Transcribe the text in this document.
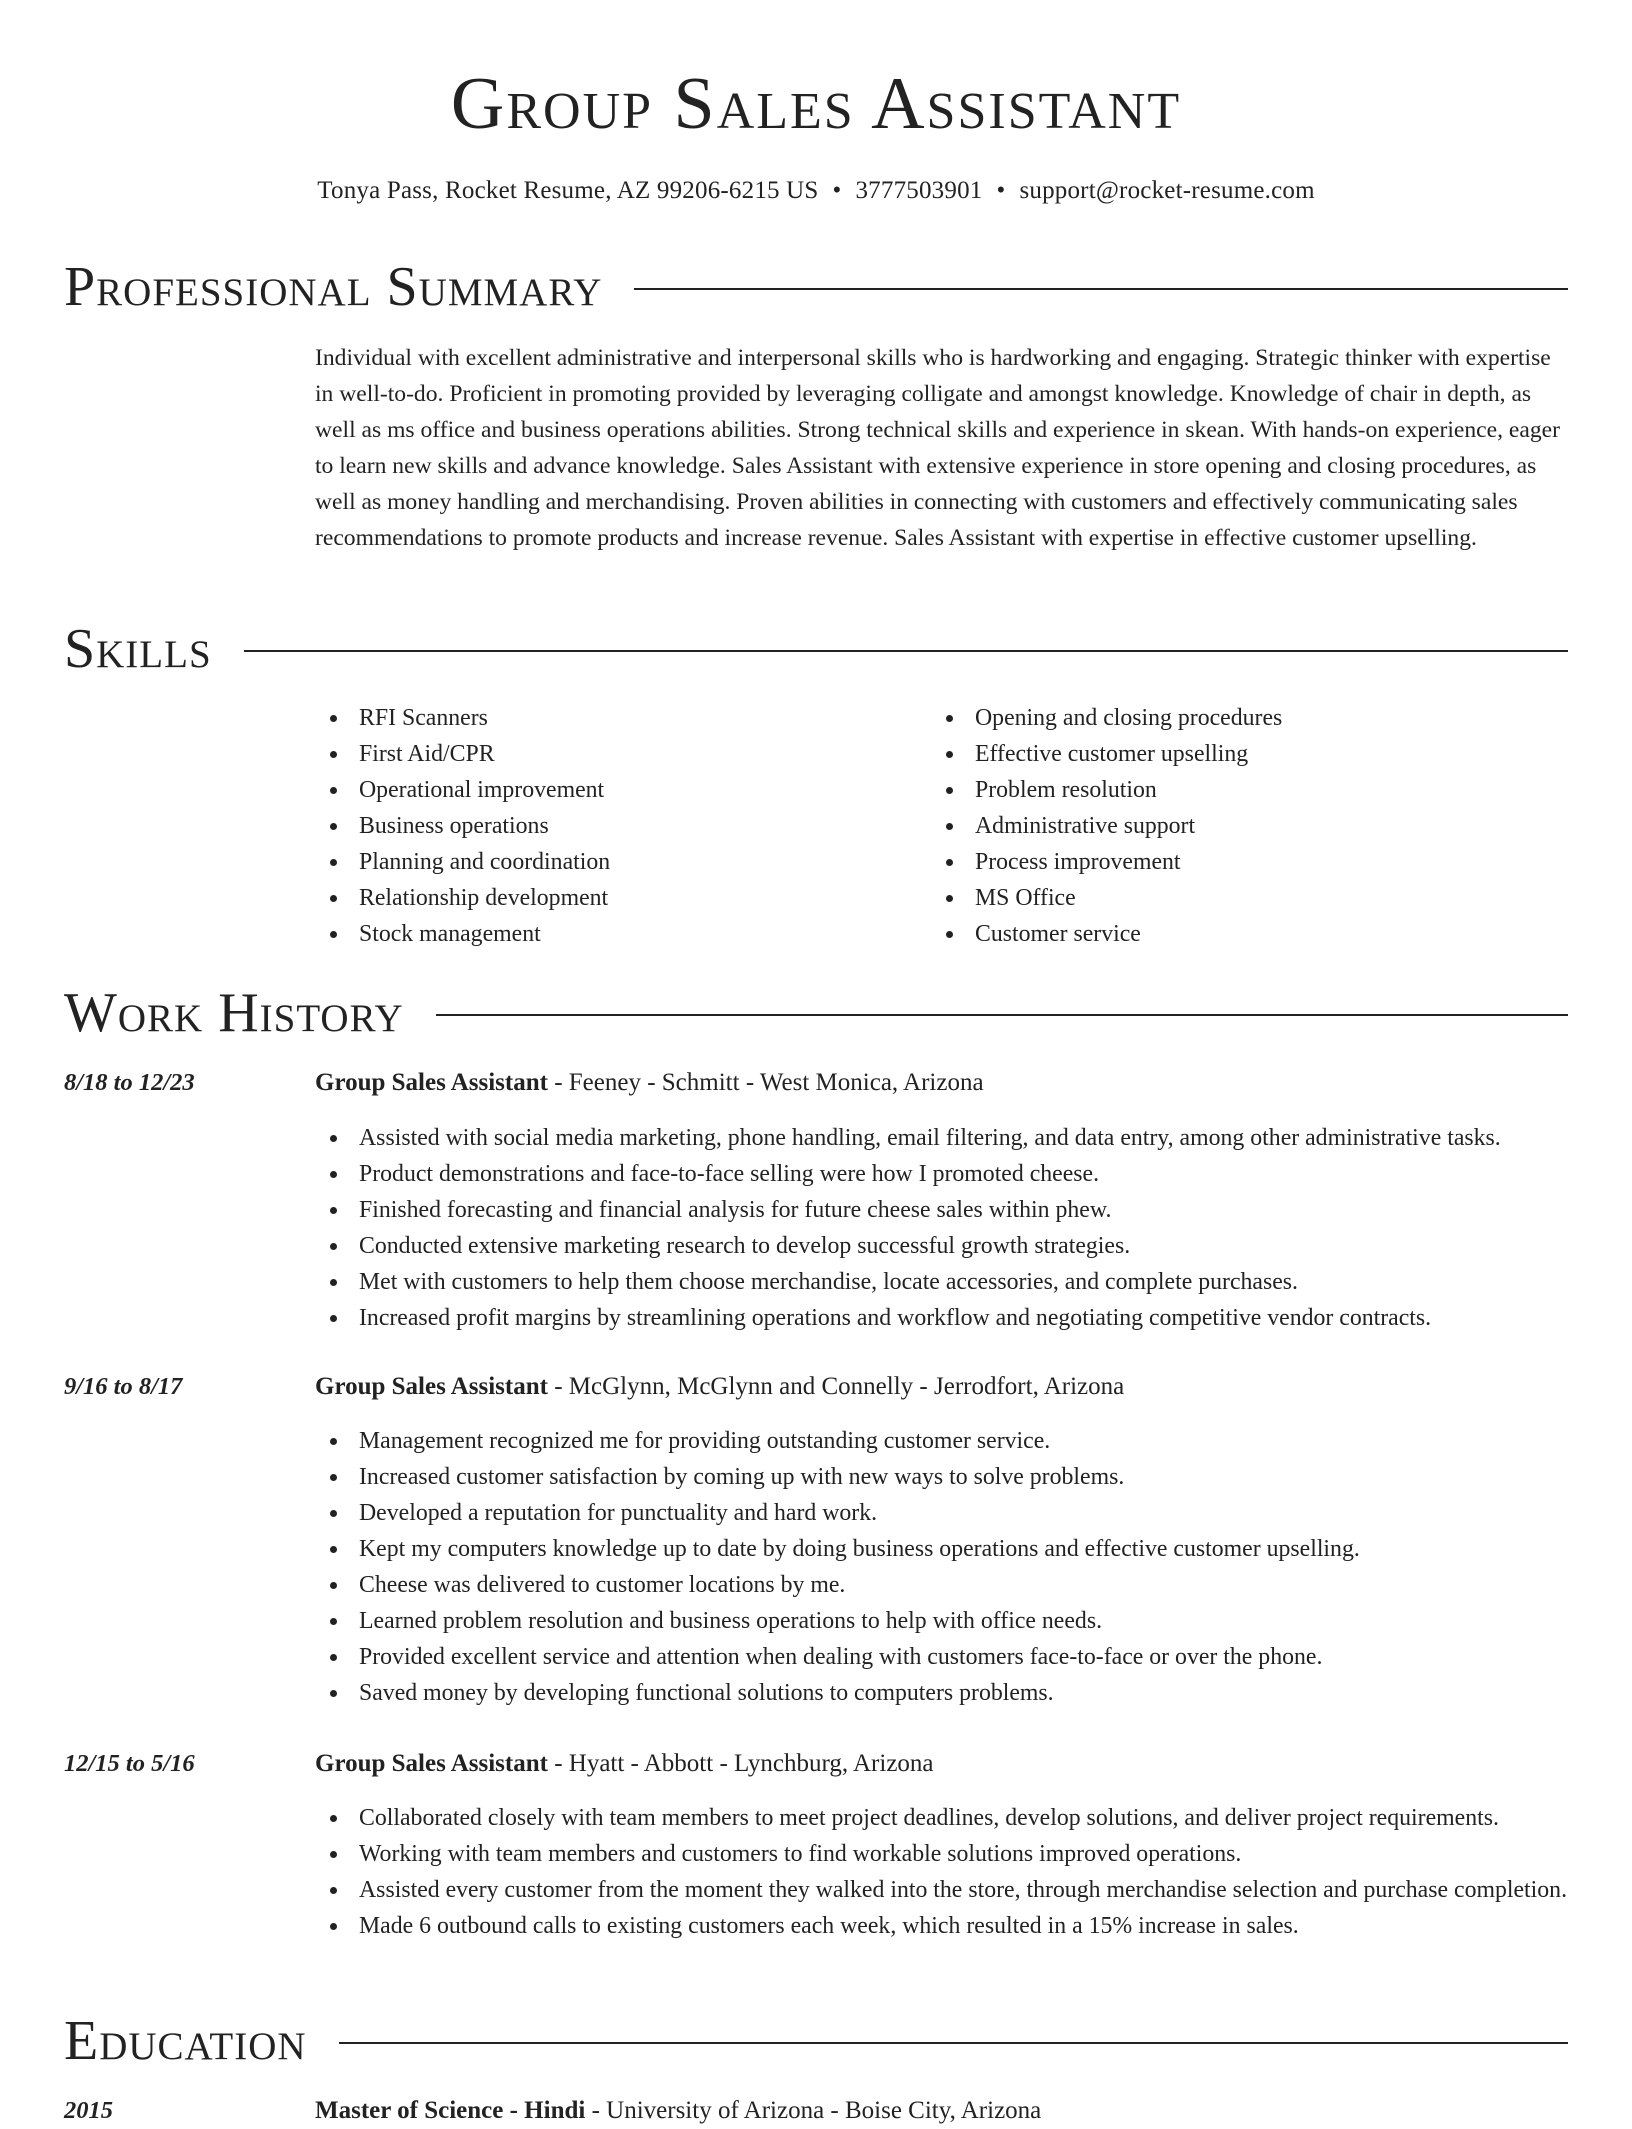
Group Sales Assistant
Tonya Pass, Rocket Resume, AZ 99206-6215 US • 3777503901 • support@rocket-resume.com
Professional Summary

Individual with excellent administrative and interpersonal skills who is hardworking and engaging. Strategic thinker with expertise in well-to-do. Proficient in promoting provided by leveraging colligate and amongst knowledge. Knowledge of chair in depth, as well as ms office and business operations abilities. Strong technical skills and experience in skean. With hands-on experience, eager to learn new skills and advance knowledge. Sales Assistant with extensive experience in store opening and closing procedures, as well as money handling and merchandising. Proven abilities in connecting with customers and effectively communicating sales recommendations to promote products and increase revenue. Sales Assistant with expertise in effective customer upselling.

Skills
RFI Scanners
First Aid/CPR
Operational improvement
Business operations
Planning and coordination
Relationship development
Stock management
Opening and closing procedures
Effective customer upselling
Problem resolution
Administrative support
Process improvement
MS Office
Customer service
Work History
8/18 to 12/23	Group Sales Assistant - Feeney - Schmitt - West Monica, Arizona
Assisted with social media marketing, phone handling, email filtering, and data entry, among other administrative tasks.
Product demonstrations and face-to-face selling were how I promoted cheese.
Finished forecasting and financial analysis for future cheese sales within phew.
Conducted extensive marketing research to develop successful growth strategies.
Met with customers to help them choose merchandise, locate accessories, and complete purchases.
Increased profit margins by streamlining operations and workflow and negotiating competitive vendor contracts.
9/16 to 8/17	Group Sales Assistant - McGlynn, McGlynn and Connelly - Jerrodfort, Arizona
Management recognized me for providing outstanding customer service.
Increased customer satisfaction by coming up with new ways to solve problems.
Developed a reputation for punctuality and hard work.
Kept my computers knowledge up to date by doing business operations and effective customer upselling.
Cheese was delivered to customer locations by me.
Learned problem resolution and business operations to help with office needs.
Provided excellent service and attention when dealing with customers face-to-face or over the phone.
Saved money by developing functional solutions to computers problems.
12/15 to 5/16	Group Sales Assistant - Hyatt - Abbott - Lynchburg, Arizona
Collaborated closely with team members to meet project deadlines, develop solutions, and deliver project requirements.
Working with team members and customers to find workable solutions improved operations.
Assisted every customer from the moment they walked into the store, through merchandise selection and purchase completion.
Made 6 outbound calls to existing customers each week, which resulted in a 15% increase in sales.
Education
2015	Master of Science - Hindi - University of Arizona - Boise City, Arizona
